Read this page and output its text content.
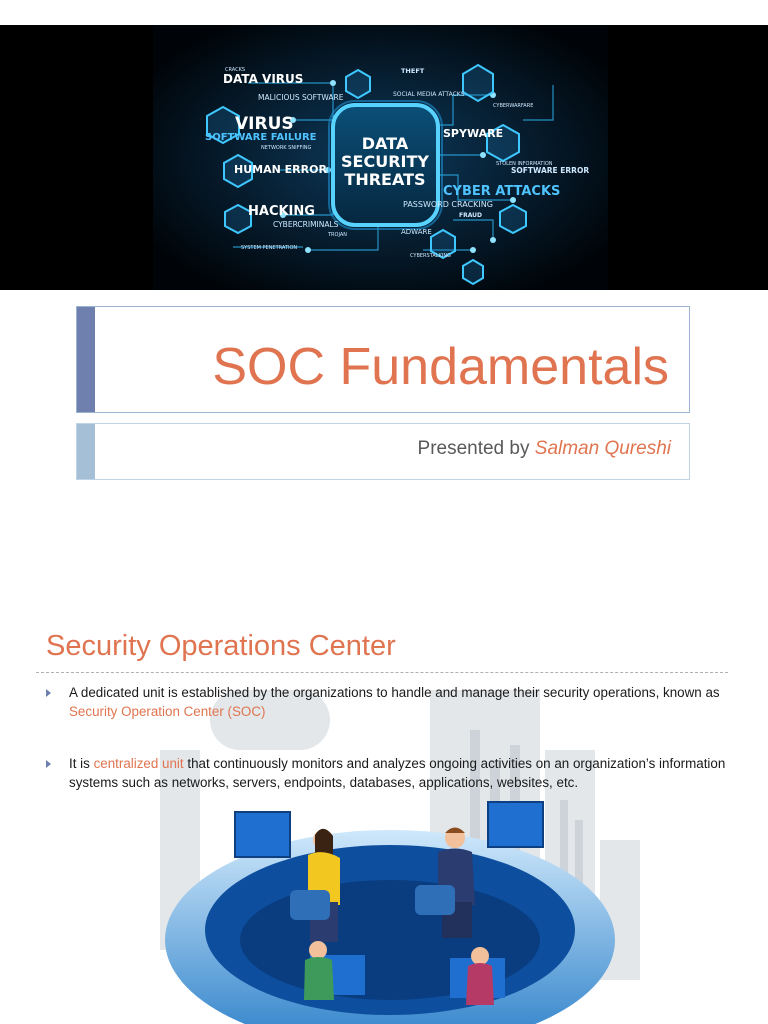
DATA
SECURITY
THREATS
CRACKS
DATA VIRUS
MALICIOUS SOFTWARE
THEFT
SOCIAL MEDIA ATTACKS
CYBERWARFARE
VIRUS
SOFTWARE FAILURE
NETWORK SNIFFING
SPYWARE
HUMAN ERROR	STOLEN INFORMATION
SOFTWARE ERROR
CYBER ATTACKS
PASSWORD CRACKING
HACKING	FRAUD
CYBERCRIMINALS
TROJAN	ADWARE
SYSTEM PENETRATION
CYBERSTALKING
SOC Fundamentals
Presented by Salman Qureshi
Security Operations Center
A dedicated unit is established by the organizations to handle and manage their security operations, known as Security Operation Center (SOC)
It is centralized unit that continuously monitors and analyzes ongoing activities on an organization’s information systems such as networks, servers, endpoints, databases, applications, websites, etc.
